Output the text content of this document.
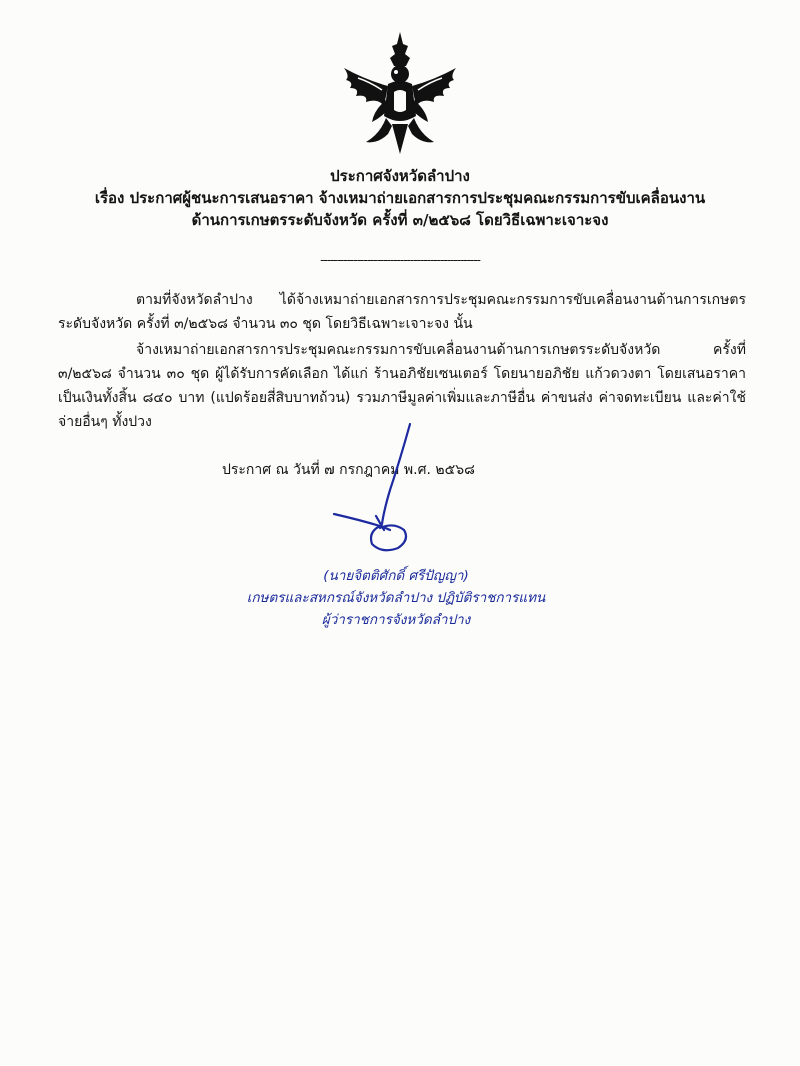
ประกาศจังหวัดลำปาง
เรื่อง ประกาศผู้ชนะการเสนอราคา จ้างเหมาถ่ายเอกสารการประชุมคณะกรรมการขับเคลื่อนงาน
ด้านการเกษตรระดับจังหวัด ครั้งที่ ๓/๒๕๖๘ โดยวิธีเฉพาะเจาะจง
------------------------------------------------

ตามที่จังหวัดลำปาง ได้จ้างเหมาถ่ายเอกสารการประชุมคณะกรรมการขับเคลื่อนงานด้านการเกษตรระดับจังหวัด ครั้งที่ ๓/๒๕๖๘ จำนวน ๓๐ ชุด โดยวิธีเฉพาะเจาะจง นั้น

จ้างเหมาถ่ายเอกสารการประชุมคณะกรรมการขับเคลื่อนงานด้านการเกษตรระดับจังหวัด ครั้งที่ ๓/๒๕๖๘ จำนวน ๓๐ ชุด ผู้ได้รับการคัดเลือก ได้แก่ ร้านอภิชัยเซนเตอร์ โดยนายอภิชัย แก้วดวงตา โดยเสนอราคา เป็นเงินทั้งสิ้น ๘๔๐ บาท (แปดร้อยสี่สิบบาทถ้วน) รวมภาษีมูลค่าเพิ่มและภาษีอื่น ค่าขนส่ง ค่าจดทะเบียน และค่าใช้จ่ายอื่นๆ ทั้งปวง

ประกาศ ณ วันที่ ๗ กรกฎาคม พ.ศ. ๒๕๖๘
(นายจิตติศักดิ์ ศรีปัญญา)
เกษตรและสหกรณ์จังหวัดลำปาง ปฏิบัติราชการแทน
ผู้ว่าราชการจังหวัดลำปาง
